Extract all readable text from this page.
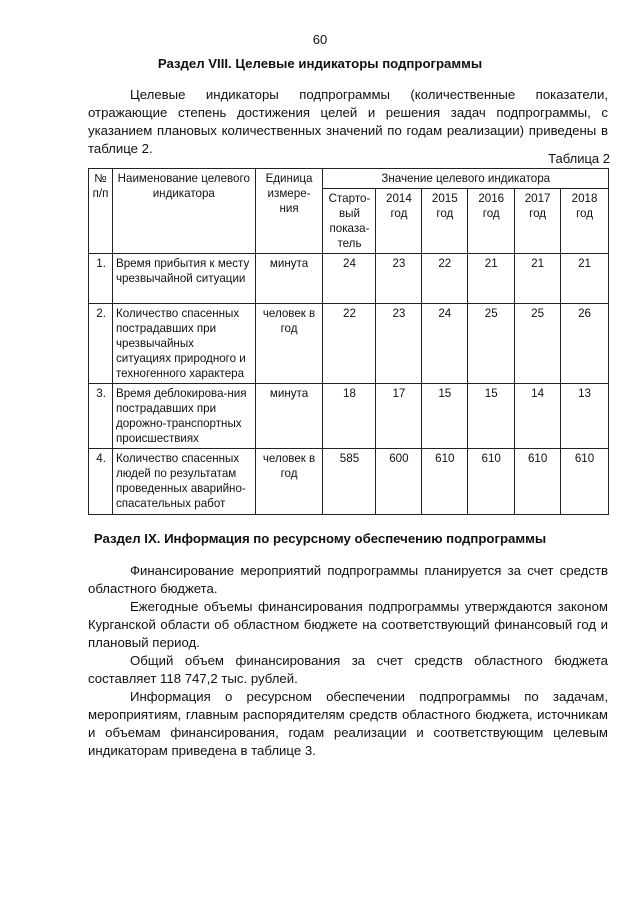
60
Раздел VIII. Целевые индикаторы подпрограммы

Целевые индикаторы подпрограммы (количественные показатели, отражающие степень достижения целей и решения задач подпрограммы, с указанием плановых количественных значений по годам реализации) приведены в таблице 2.

Таблица 2
№ п/п	Наименование целевого индикатора	Единица измере-ния	Значение целевого индикатора					
			Старто-вый показа-тель	2014 год	2015 год	2016 год	2017 год	2018 год
1.	Время прибытия к месту чрезвычайной ситуации	минута	24	23	22	21	21	21
2.	Количество спасенных пострадавших при чрезвычайных ситуациях природного и техногенного характера	человек в год	22	23	24	25	25	26
3.	Время деблокирова-ния пострадавших при дорожно-транспортных происшествиях	минута	18	17	15	15	14	13
4.	Количество спасенных людей по результатам проведенных аварийно-спасательных работ	человек в год	585	600	610	610	610	610
Раздел IX. Информация по ресурсному обеспечению подпрограммы

Финансирование мероприятий подпрограммы планируется за счет средств областного бюджета.

Ежегодные объемы финансирования подпрограммы утверждаются законом Курганской области об областном бюджете на соответствующий финансовый год и плановый период.

Общий объем финансирования за счет средств областного бюджета составляет 118 747,2 тыс. рублей.

Информация о ресурсном обеспечении подпрограммы по задачам, мероприятиям, главным распорядителям средств областного бюджета, источникам и объемам финансирования, годам реализации и соответствующим целевым индикаторам приведена в таблице 3.
